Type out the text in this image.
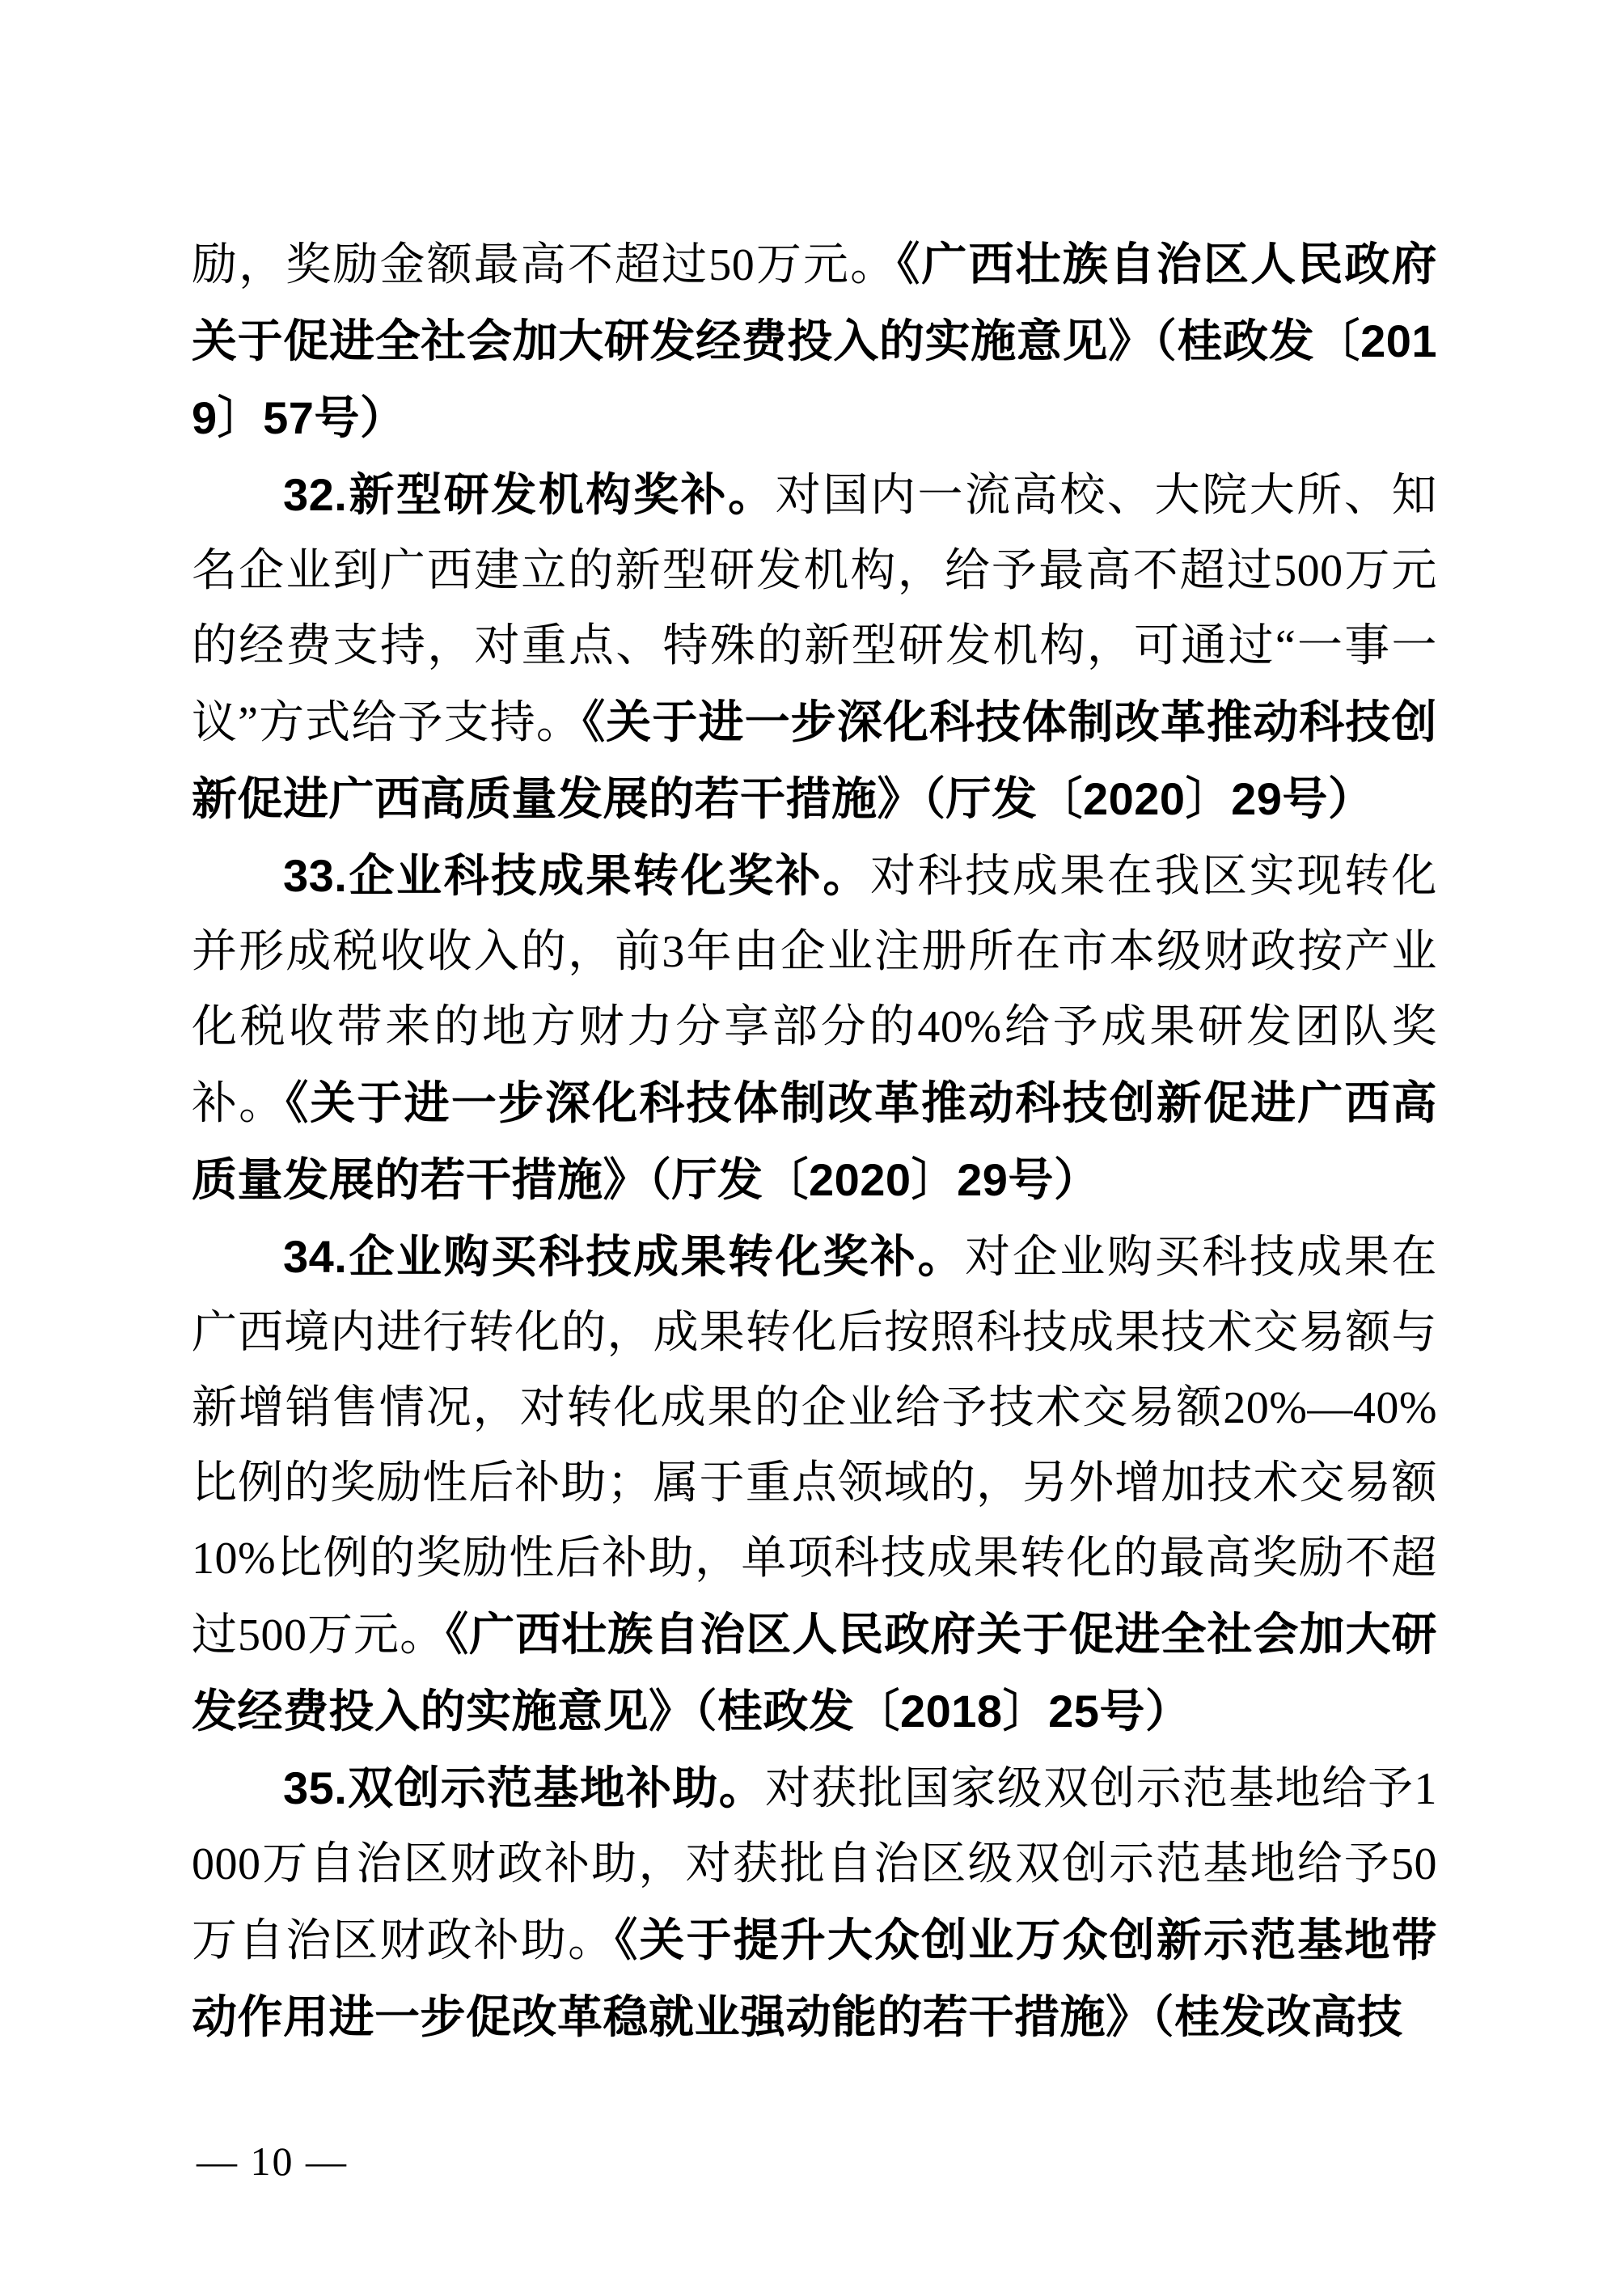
励，奖励金额最高不超过50万元。《广西壮族自治区人民政府关于促进全社会加大研发经费投入的实施意见》（桂政发〔2019〕57号）

32.新型研发机构奖补。对国内一流高校、大院大所、知名企业到广西建立的新型研发机构，给予最高不超过500万元的经费支持，对重点、特殊的新型研发机构，可通过“一事一议”方式给予支持。《关于进一步深化科技体制改革推动科技创新促进广西高质量发展的若干措施》（厅发〔2020〕29号）

33.企业科技成果转化奖补。对科技成果在我区实现转化并形成税收收入的，前3年由企业注册所在市本级财政按产业化税收带来的地方财力分享部分的40%给予成果研发团队奖补。《关于进一步深化科技体制改革推动科技创新促进广西高质量发展的若干措施》（厅发〔2020〕29号）

34.企业购买科技成果转化奖补。对企业购买科技成果在广西境内进行转化的，成果转化后按照科技成果技术交易额与新增销售情况，对转化成果的企业给予技术交易额20%—40%比例的奖励性后补助；属于重点领域的，另外增加技术交易额10%比例的奖励性后补助，单项科技成果转化的最高奖励不超过500万元。《广西壮族自治区人民政府关于促进全社会加大研发经费投入的实施意见》（桂政发〔2018〕25号）

35.双创示范基地补助。对获批国家级双创示范基地给予1000万自治区财政补助，对获批自治区级双创示范基地给予50万自治区财政补助。《关于提升大众创业万众创新示范基地带动作用进一步促改革稳就业强动能的若干措施》（桂发改高技

— 10 —
